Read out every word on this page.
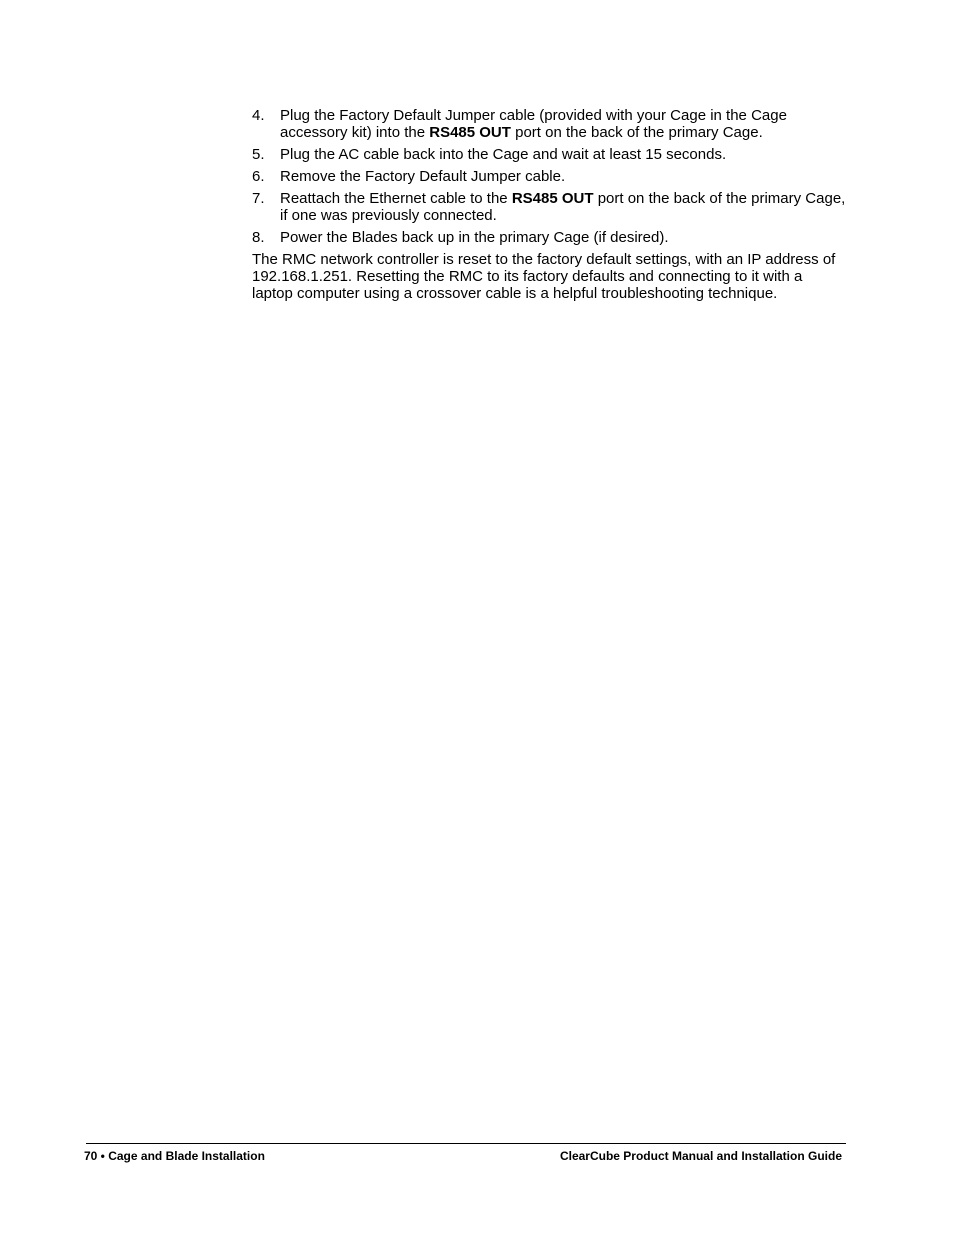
4.	Plug the Factory Default Jumper cable (provided with your Cage in the Cage accessory kit) into the RS485 OUT port on the back of the primary Cage.
5.	Plug the AC cable back into the Cage and wait at least 15 seconds.
6.	Remove the Factory Default Jumper cable.
7.	Reattach the Ethernet cable to the RS485 OUT port on the back of the primary Cage, if one was previously connected.
8.	Power the Blades back up in the primary Cage (if desired).

The RMC network controller is reset to the factory default settings, with an IP address of 192.168.1.251. Resetting the RMC to its factory defaults and connecting to it with a laptop computer using a crossover cable is a helpful troubleshooting technique.

70 • Cage and Blade Installation	ClearCube Product Manual and Installation Guide
